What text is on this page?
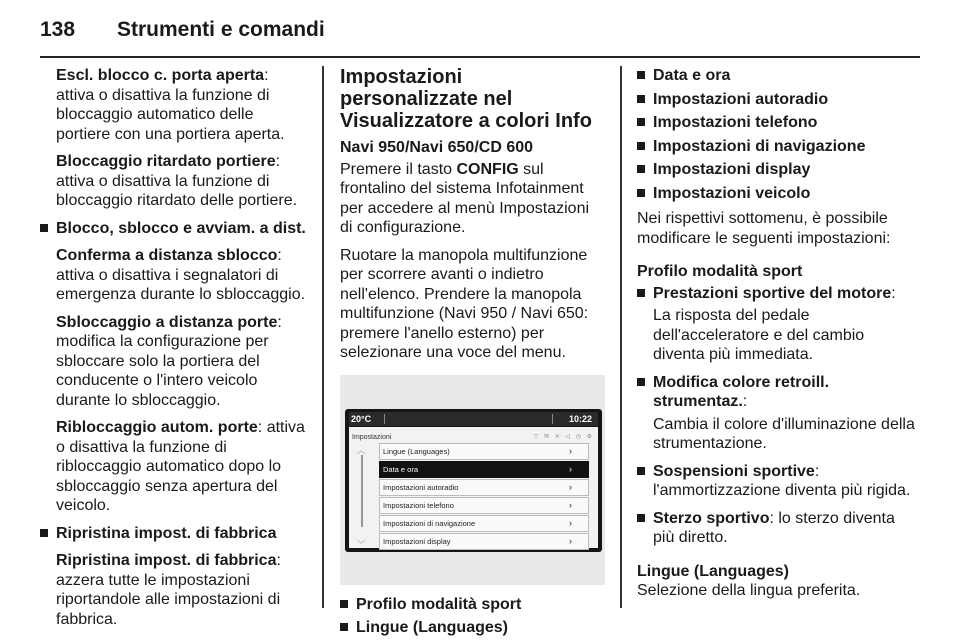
138 Strumenti e comandi
Escl. blocco c. porta aperta: attiva o disattiva la funzione di bloccaggio automatico delle portiere con una portiera aperta.
Bloccaggio ritardato portiere: attiva o disattiva la funzione di bloccaggio ritardato delle portiere.
Blocco, sblocco e avviam. a dist.
Conferma a distanza sblocco: attiva o disattiva i segnalatori di emergenza durante lo sbloccaggio.
Sbloccaggio a distanza porte: modifica la configurazione per sbloccare solo la portiera del conducente o l'intero veicolo durante lo sbloccaggio.
Ribloccaggio autom. porte: attiva o disattiva la funzione di ribloccaggio automatico dopo lo sbloccaggio senza apertura del veicolo.
Ripristina impost. di fabbrica
Ripristina impost. di fabbrica: azzera tutte le impostazioni riportandole alle impostazioni di fabbrica.
Impostazioni personalizzate nel Visualizzatore a colori Info
Navi 950/Navi 650/CD 600
Premere il tasto CONFIG sul frontalino del sistema Infotainment per accedere al menù Impostazioni di configurazione.
Ruotare la manopola multifunzione per scorrere avanti o indietro nell'elenco. Prendere la manopola multifunzione (Navi 950 / Navi 650: premere l'anello esterno) per selezionare una voce del menu.
20°C	10:22
Impostazioni	▽ ✉ ✕ ◁ ◷ ⚙
︿
﹀
Lingue (Languages)	›
Data e ora	›
Impostazioni autoradio	›
Impostazioni telefono	›
Impostazioni di navigazione	›
Impostazioni display	›
Profilo modalità sport
Lingue (Languages)
Data e ora
Impostazioni autoradio
Impostazioni telefono
Impostazioni di navigazione
Impostazioni display
Impostazioni veicolo
Nei rispettivi sottomenu, è possibile modificare le seguenti impostazioni:
Profilo modalità sport
Prestazioni sportive del motore:
La risposta del pedale dell'acceleratore e del cambio diventa più immediata.
Modifica colore retroill. strumentaz.:
Cambia il colore d'illuminazione della strumentazione.
Sospensioni sportive: l'ammortizzazione diventa più rigida.
Sterzo sportivo: lo sterzo diventa più diretto.
Lingue (Languages)
Selezione della lingua preferita.
